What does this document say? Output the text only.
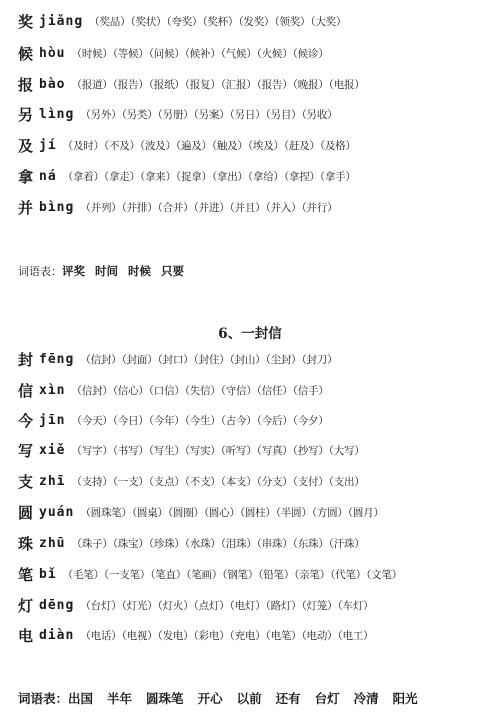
奖 jiǎng （奖品）（奖状）（夸奖）（奖杯）（发奖）（领奖）（大奖）
候 hòu （时候）（等候）（问候）（候补）（气候）（火候）（候诊）
报 bào （报道）（报告）（报纸）（报复）（汇报）（报告）（晚报）（电报）
另 lìng （另外）（另类）（另册）（另案）（另日）（另目）（另收）
及 jí （及时）（不及）（波及）（遍及）（触及）（埃及）（赶及）（及格）
拿 ná （拿着）（拿走）（拿来）（捉拿）（拿出）（拿给）（拿捏）（拿手）
并 bìng （并列）（并排）（合并）（并进）（并且）（并入）（并行）
词语表：评奖 时间 时候 只要
6、一封信
封 fēng （信封）（封面）（封口）（封住）（封山）（尘封）（封刀）
信 xìn （信封）（信心）（口信）（失信）（守信）（信任）（信手）
今 jīn （今天）（今日）（今年）（今生）（古今）（今后）（今夕）
写 xiě （写字）（书写）（写生）（写实）（听写）（写真）（抄写）（大写）
支 zhī （支持）（一支）（支点）（不支）（本支）（分支）（支付）（支出）
圆 yuán （圆珠笔）（圆桌）（圆圈）（圆心）（圆柱）（半圆）（方圆）（圆月）
珠 zhū （珠子）（珠宝）（珍珠）（水珠）（泪珠）（串珠）（东珠）（汗珠）
笔 bǐ （毛笔）（一支笔）（笔直）（笔画）（钢笔）（铅笔）（亲笔）（代笔）（文笔）
灯 dēng （台灯）（灯光）（灯火）（点灯）（电灯）（路灯）（灯笼）（车灯）
电 diàn （电话）（电视）（发电）（彩电）（充电）（电笔）（电动）（电工）
词语表：出国 半年 圆珠笔 开心 以前 还有 台灯 冷清 阳光
